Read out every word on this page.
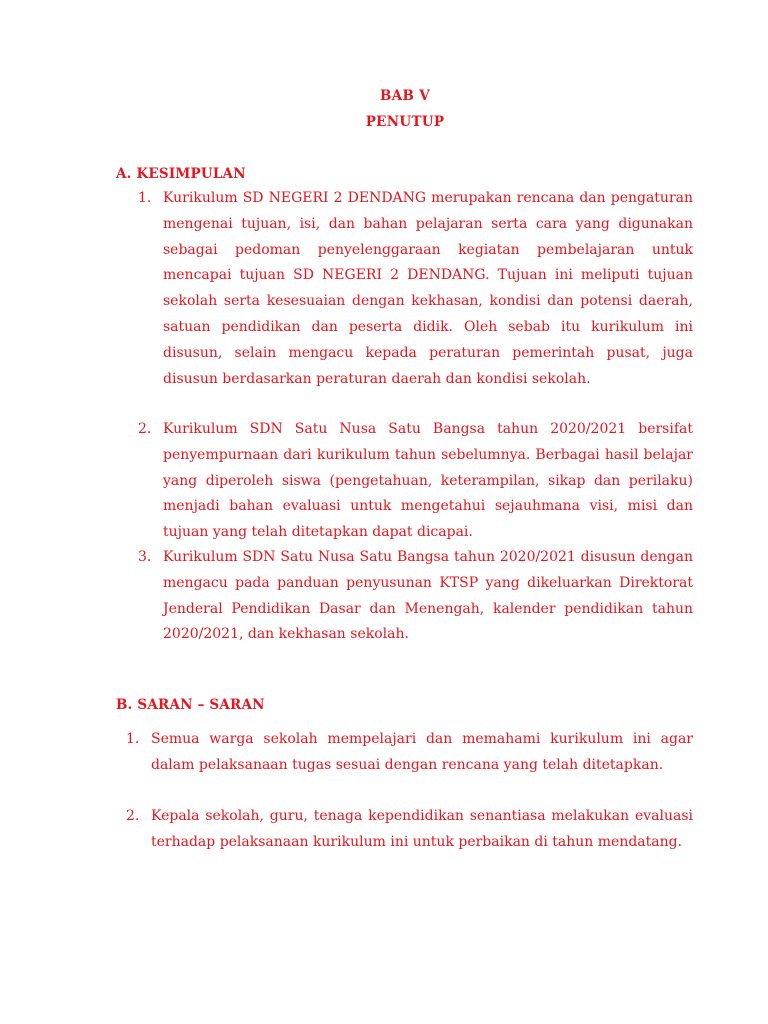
BAB V
PENUTUP
A. KESIMPULAN
1. Kurikulum SD NEGERI 2 DENDANG merupakan rencana dan pengaturan mengenai tujuan, isi, dan bahan pelajaran serta cara yang digunakan sebagai pedoman penyelenggaraan kegiatan pembelajaran untuk mencapai tujuan SD NEGERI 2 DENDANG. Tujuan ini meliputi tujuan sekolah serta kesesuaian dengan kekhasan, kondisi dan potensi daerah, satuan pendidikan dan peserta didik. Oleh sebab itu kurikulum ini disusun, selain mengacu kepada peraturan pemerintah pusat, juga disusun berdasarkan peraturan daerah dan kondisi sekolah.
2. Kurikulum SDN Satu Nusa Satu Bangsa tahun 2020/2021 bersifat penyempurnaan dari kurikulum tahun sebelumnya. Berbagai hasil belajar yang diperoleh siswa (pengetahuan, keterampilan, sikap dan perilaku) menjadi bahan evaluasi untuk mengetahui sejauhmana visi, misi dan tujuan yang telah ditetapkan dapat dicapai.
3. Kurikulum SDN Satu Nusa Satu Bangsa tahun 2020/2021 disusun dengan mengacu pada panduan penyusunan KTSP yang dikeluarkan Direktorat Jenderal Pendidikan Dasar dan Menengah, kalender pendidikan tahun 2020/2021, dan kekhasan sekolah.
B. SARAN – SARAN
1. Semua warga sekolah mempelajari dan memahami kurikulum ini agar dalam pelaksanaan tugas sesuai dengan rencana yang telah ditetapkan.
2. Kepala sekolah, guru, tenaga kependidikan senantiasa melakukan evaluasi terhadap pelaksanaan kurikulum ini untuk perbaikan di tahun mendatang.
